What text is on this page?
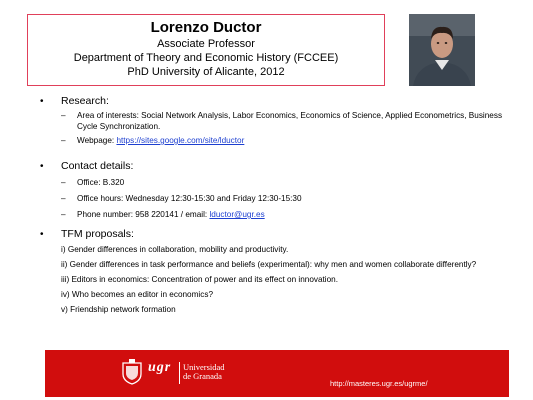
Lorenzo Ductor
Associate Professor
Department of Theory and Economic History (FCCEE)
PhD University of Alicante, 2012
• Research:
– Area of interests: Social Network Analysis, Labor Economics, Economics of Science, Applied Econometrics, Business Cycle Synchronization.
– Webpage: https://sites.google.com/site/lductor
• Contact details:
– Office: B.320
– Office hours: Wednesday 12:30-15:30 and Friday 12:30-15:30
– Phone number: 958 220141 / email: lductor@ugr.es
• TFM proposals:
i) Gender differences in collaboration, mobility and productivity.
ii) Gender differences in task performance and beliefs (experimental): why men and women collaborate differently?
iii) Editors in economics: Concentration of power and its effect on innovation.
iv) Who becomes an editor in economics?
v) Friendship network formation
ugr Universidad
de Granada
http://masteres.ugr.es/ugrme/
